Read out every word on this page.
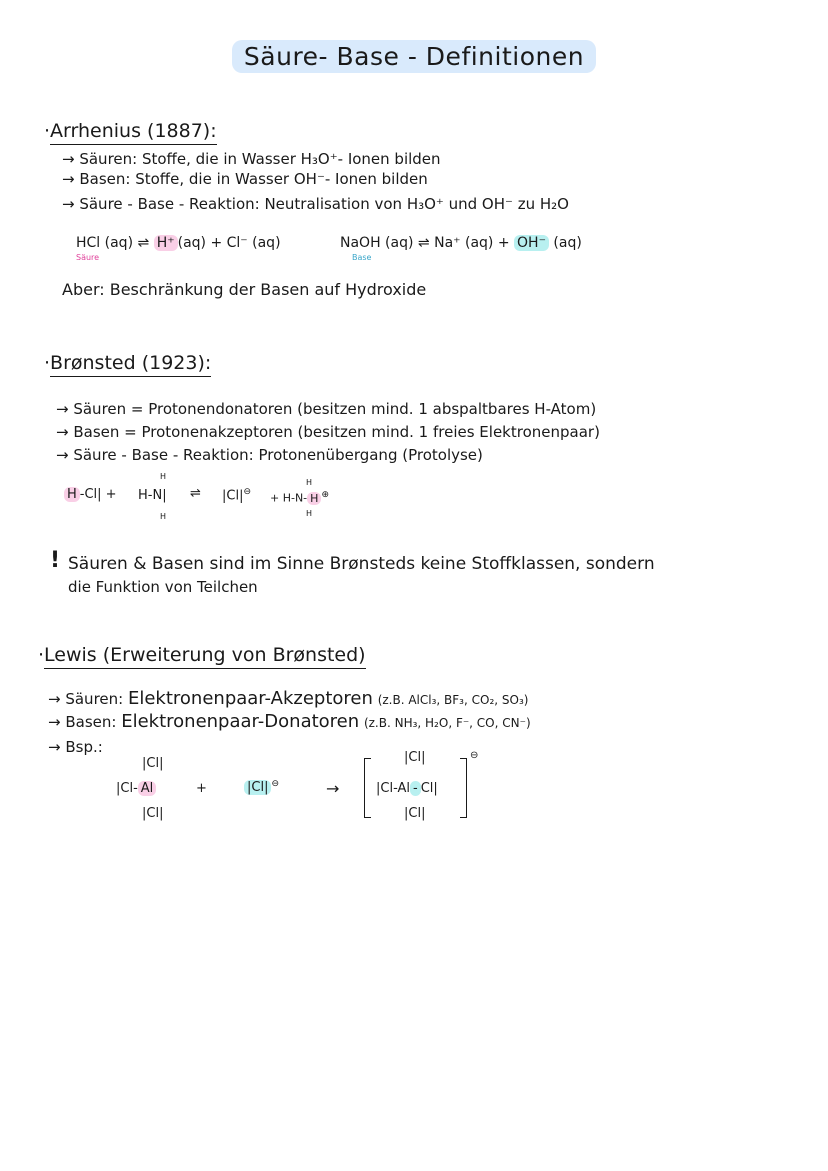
Säure- Base - Definitionen
·Arrhenius (1887):
→ Säuren: Stoffe, die in Wasser H₃O⁺- Ionen bilden
→ Basen: Stoffe, die in Wasser OH⁻- Ionen bilden
→ Säure - Base - Reaktion: Neutralisation von H₃O⁺ und OH⁻ zu H₂O
HCl (aq) ⇌ H⁺ (aq) + Cl⁻ (aq)
Säure
NaOH (aq) ⇌ Na⁺ (aq) + OH⁻ (aq)
Base
Aber: Beschränkung der Basen auf Hydroxide
·Brønsted (1923):
→ Säuren = Protonendonatoren (besitzen mind. 1 abspaltbares H-Atom)
→ Basen = Protonenakzeptoren (besitzen mind. 1 freies Elektronenpaar)
→ Säure - Base - Reaktion: Protonenübergang (Protolyse)
H -Cl| +
H
H-N|
H
⇌ |Cl|⊖
H
+ H-N- H ⊕
H
! Säuren & Basen sind im Sinne Brønsteds keine Stoffklassen, sondern
die Funktion von Teilchen
·Lewis (Erweiterung von Brønsted)
→ Säuren: Elektronenpaar-Akzeptoren (z.B. AlCl₃, BF₃, CO₂, SO₃)
→ Basen: Elektronenpaar-Donatoren (z.B. NH₃, H₂O, F⁻, CO, CN⁻)
→ Bsp.:
|Cl|
|Cl- Al
|Cl|
+	|Cl| ⊖	→
|Cl|
|Cl-Al - Cl|
|Cl|
⊖
